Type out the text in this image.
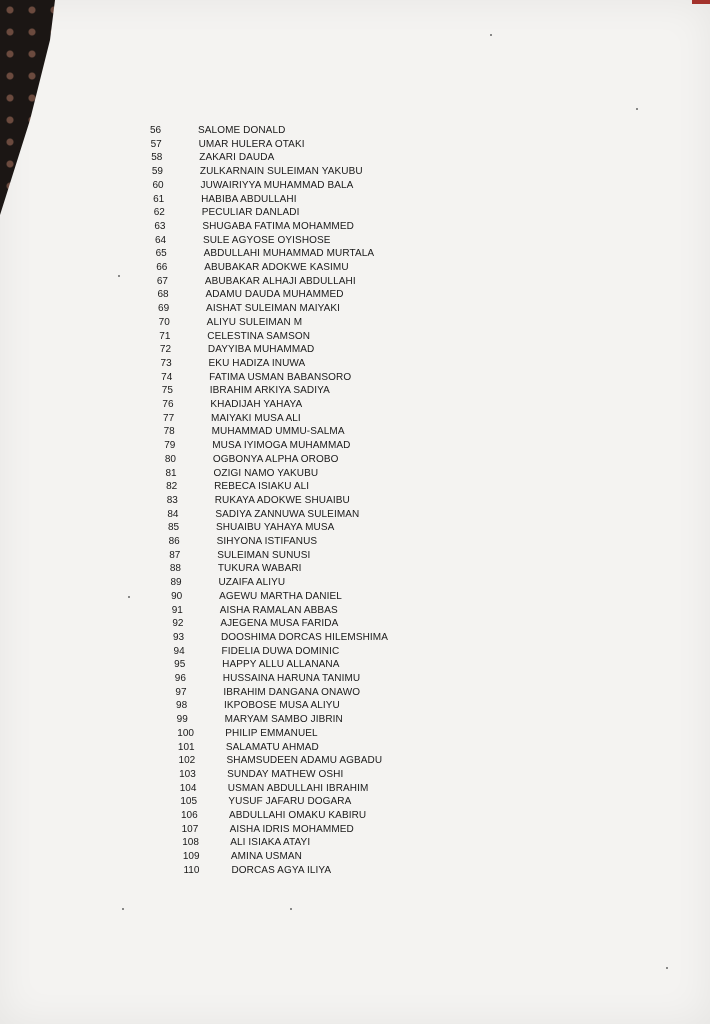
56	SALOME DONALD
57	UMAR HULERA OTAKI
58	ZAKARI DAUDA
59	ZULKARNAIN SULEIMAN YAKUBU
60	JUWAIRIYYA MUHAMMAD BALA
61	HABIBA ABDULLAHI
62	PECULIAR DANLADI
63	SHUGABA FATIMA MOHAMMED
64	SULE AGYOSE OYISHOSE
65	ABDULLAHI MUHAMMAD MURTALA
66	ABUBAKAR ADOKWE KASIMU
67	ABUBAKAR ALHAJI ABDULLAHI
68	ADAMU DAUDA MUHAMMED
69	AISHAT SULEIMAN MAIYAKI
70	ALIYU SULEIMAN M
71	CELESTINA SAMSON
72	DAYYIBA MUHAMMAD
73	EKU HADIZA INUWA
74	FATIMA USMAN BABANSORO
75	IBRAHIM ARKIYA SADIYA
76	KHADIJAH YAHAYA
77	MAIYAKI MUSA ALI
78	MUHAMMAD UMMU-SALMA
79	MUSA IYIMOGA MUHAMMAD
80	OGBONYA ALPHA OROBO
81	OZIGI NAMO YAKUBU
82	REBECA ISIAKU ALI
83	RUKAYA ADOKWE SHUAIBU
84	SADIYA ZANNUWA SULEIMAN
85	SHUAIBU YAHAYA MUSA
86	SIHYONA ISTIFANUS
87	SULEIMAN SUNUSI
88	TUKURA WABARI
89	UZAIFA ALIYU
90	AGEWU MARTHA DANIEL
91	AISHA RAMALAN ABBAS
92	AJEGENA MUSA FARIDA
93	DOOSHIMA DORCAS HILEMSHIMA
94	FIDELIA DUWA DOMINIC
95	HAPPY ALLU ALLANANA
96	HUSSAINA HARUNA TANIMU
97	IBRAHIM DANGANA ONAWO
98	IKPOBOSE MUSA ALIYU
99	MARYAM SAMBO JIBRIN
100	PHILIP EMMANUEL
101	SALAMATU AHMAD
102	SHAMSUDEEN ADAMU AGBADU
103	SUNDAY MATHEW OSHI
104	USMAN ABDULLAHI IBRAHIM
105	YUSUF JAFARU DOGARA
106	ABDULLAHI OMAKU KABIRU
107	AISHA IDRIS MOHAMMED
108	ALI ISIAKA ATAYI
109	AMINA USMAN
110	DORCAS AGYA ILIYA
